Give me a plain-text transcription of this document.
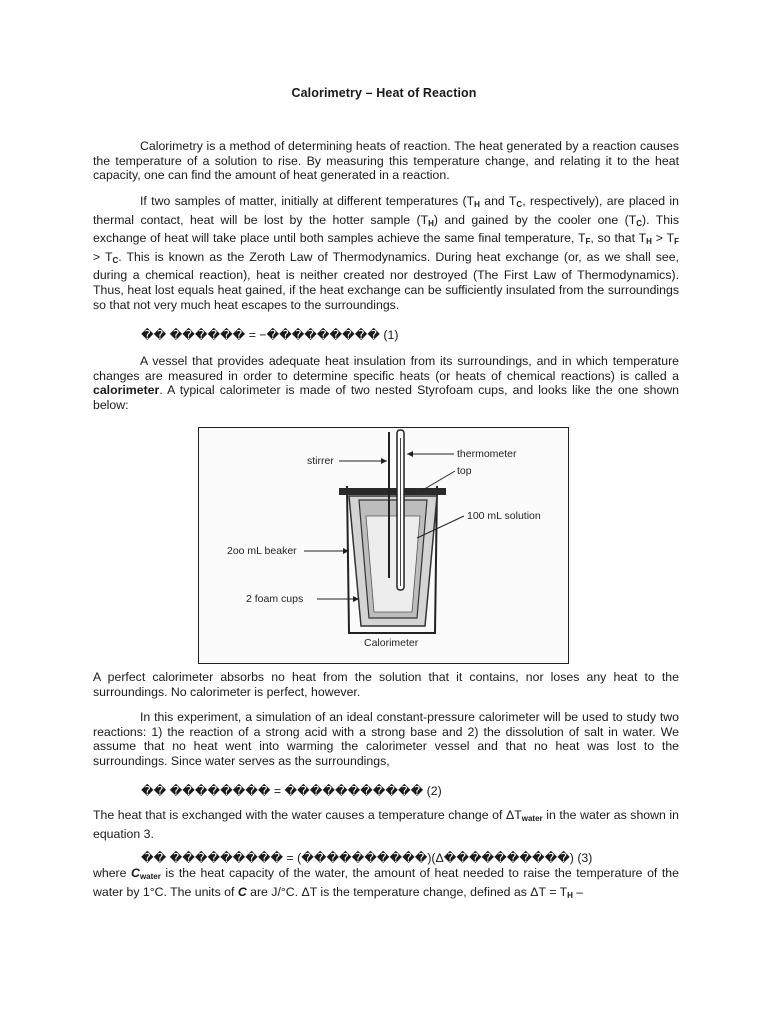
Calorimetry – Heat of Reaction

Calorimetry is a method of determining heats of reaction. The heat generated by a reaction causes the temperature of a solution to rise. By measuring this temperature change, and relating it to the heat capacity, one can find the amount of heat generated in a reaction.

If two samples of matter, initially at different temperatures ($T_H$ and $T_C$, respectively), are placed in thermal contact, heat will be lost by the hotter sample $(T_H)$ and gained by the cooler one $(T_C)$. This exchange of heat will take place until both samples achieve the same final temperature, $T_F$, so that $T_H > T_F > T_C$. This is known as the Zeroth Law of Thermodynamics. During heat exchange (or, as we shall see, during a chemical reaction), heat is neither created nor destroyed (The First Law of Thermodynamics). Thus, heat lost equals heat gained, if the heat exchange can be sufficiently insulated from the surroundings so that not very much heat escapes to the surroundings.

�� ������ = −��������� (1)

A vessel that provides adequate heat insulation from its surroundings, and in which temperature changes are measured in order to determine specific heats (or heats of chemical reactions) is called a calorimeter. A typical calorimeter is made of two nested Styrofoam cups, and looks like the one shown below:

stirrer
thermometer
top
100 mL solution
2oo mL beaker
2 foam cups
Calorimeter

A perfect calorimeter absorbs no heat from the solution that it contains, nor loses any heat to the surroundings. No calorimeter is perfect, however.

In this experiment, a simulation of an ideal constant-pressure calorimeter will be used to study two reactions: 1) the reaction of a strong acid with a strong base and 2) the dissolution of salt in water. We assume that no heat went into warming the calorimeter vessel and that no heat was lost to the surroundings. Since water serves as the surroundings,

�� �������� = ����������� (2)

The heat that is exchanged with the water causes a temperature change of $\Delta T_{water}$ in the water as shown in equation 3.

�� ��������� = (����������)(Δ����������) (3)

where $C_{water}$ is the heat capacity of the water, the amount of heat needed to raise the temperature of the water by 1°C. The units of C are J/°C. ΔT is the temperature change, defined as $\Delta T = T_H$ –
